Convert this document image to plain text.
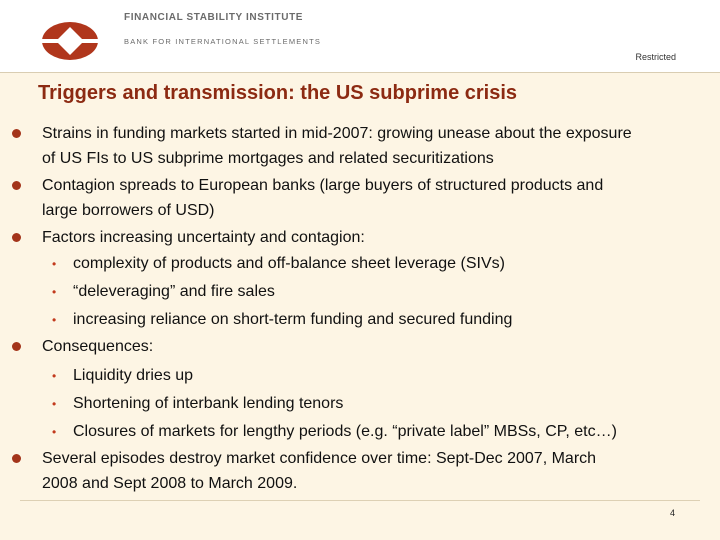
FINANCIAL STABILITY INSTITUTE
BANK FOR INTERNATIONAL SETTLEMENTS
Restricted
Triggers and transmission: the US subprime crisis
Strains in funding markets started in mid-2007: growing unease about the exposure
of US FIs to US subprime mortgages and related securitizations
Contagion spreads to European banks (large buyers of structured products and
large borrowers of USD)
Factors increasing uncertainty and contagion:
• complexity of products and off-balance sheet leverage (SIVs)
• “deleveraging” and fire sales
• increasing reliance on short-term funding and secured funding
Consequences:
• Liquidity dries up
• Shortening of interbank lending tenors
• Closures of markets for lengthy periods (e.g. “private label” MBSs, CP, etc…)
Several episodes destroy market confidence over time: Sept-Dec 2007, March
2008 and Sept 2008 to March 2009.
4
